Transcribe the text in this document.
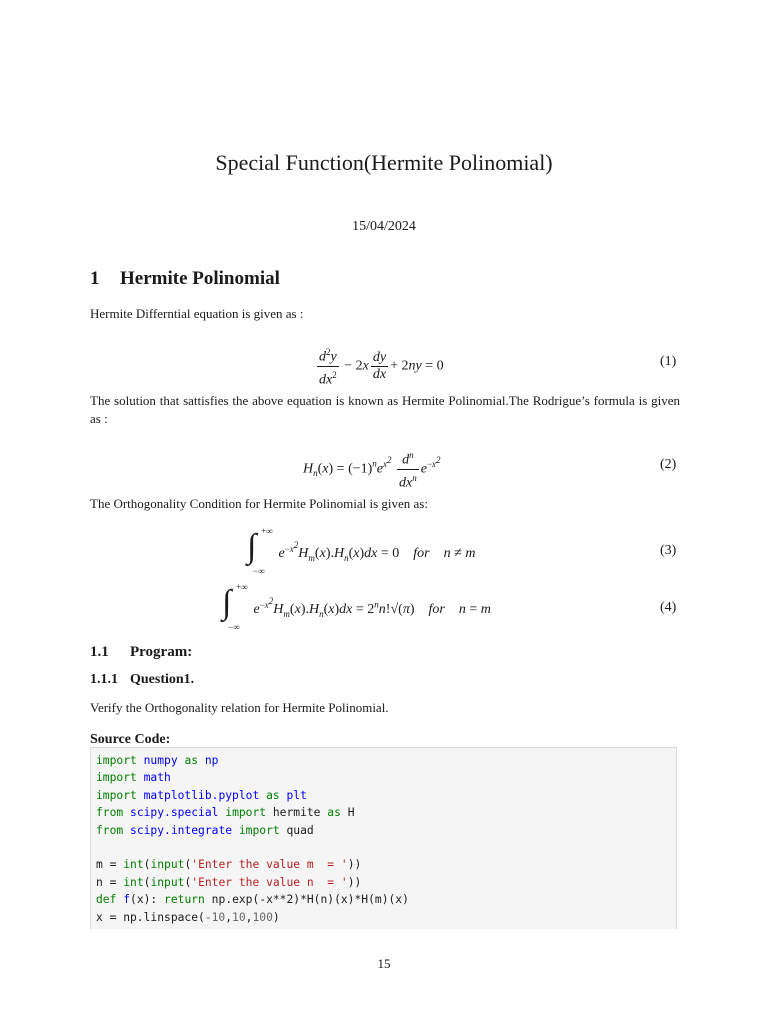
Special Function(Hermite Polinomial)
15/04/2024
1 Hermite Polinomial
Hermite Differntial equation is given as :
$\frac{d^2y}{dx^2} - 2x \frac{dy}{dx} + 2ny = 0$	(1)
The solution that sattisfies the above equation is known as Hermite Polinomial.The Rodrigue’s formula is given as :
$H_n(x) = (-1)^ne^{x^2} \frac{d^n}{dx^n} e^{-x^2}$	(2)
The Orthogonality Condition for Hermite Polinomial is given as:
∫ +∞
−∞
$e^{-x^2}H_m(x).H_n(x)dx = 0$    for    n ≠ m	(3)
∫ +∞
−∞
$e^{-x^2}H_m(x).H_n(x)dx = 2^nn!√(\pi)$    for    n = m	(4)
1.1 Program:
1.1.1 Question1.
Verify the Orthogonality relation for Hermite Polinomial.
Source Code:
import numpy as np
import math
import matplotlib.pyplot as plt
from scipy.special import hermite as H
from scipy.integrate import quad

m = int(input('Enter the value m  = '))
n = int(input('Enter the value n  = '))
def f(x): return np.exp(-x**2)*H(n)(x)*H(m)(x)
x = np.linspace(-10,10,100)
15
